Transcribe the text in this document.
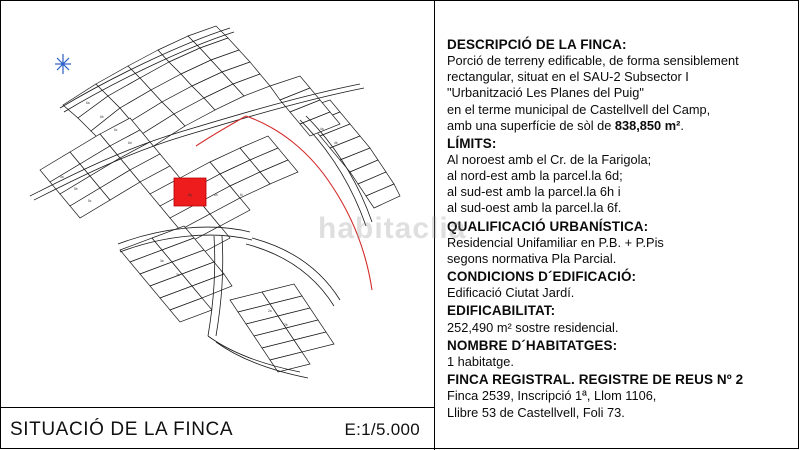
6a
6b
6c
6d
5a
5b
5c
6g	6h	6i
4a
4b
3a
3b
2a
2b
SITUACIÓ DE LA FINCA	E:1/5.000
DESCRIPCIÓ DE LA FINCA:
Porció de terreny edificable, de forma sensiblement
rectangular, situat en el SAU-2 Subsector I
"Urbanització Les Planes del Puig"
en el terme municipal de Castellvell del Camp,
amb una superfície de sòl de 838,850 m².
LÍMITS:
Al noroest amb el Cr. de la Farigola;
al nord-est amb la parcel.la 6d;
al sud-est amb la parcel.la 6h i
al sud-oest amb la parcel.la 6f.
QUALIFICACIÓ URBANÍSTICA:
Residencial Unifamiliar en P.B. + P.Pis
segons normativa Pla Parcial.
CONDICIONS D´EDIFICACIÓ:
Edificació Ciutat Jardí.
EDIFICABILITAT:
252,490 m² sostre residencial.
NOMBRE D´HABITATGES:
1 habitatge.
FINCA REGISTRAL. REGISTRE DE REUS Nº 2
Finca 2539, Inscripció 1ª, Llom 1106,
Llibre 53 de Castellvell, Foli 73.
habitaclia
